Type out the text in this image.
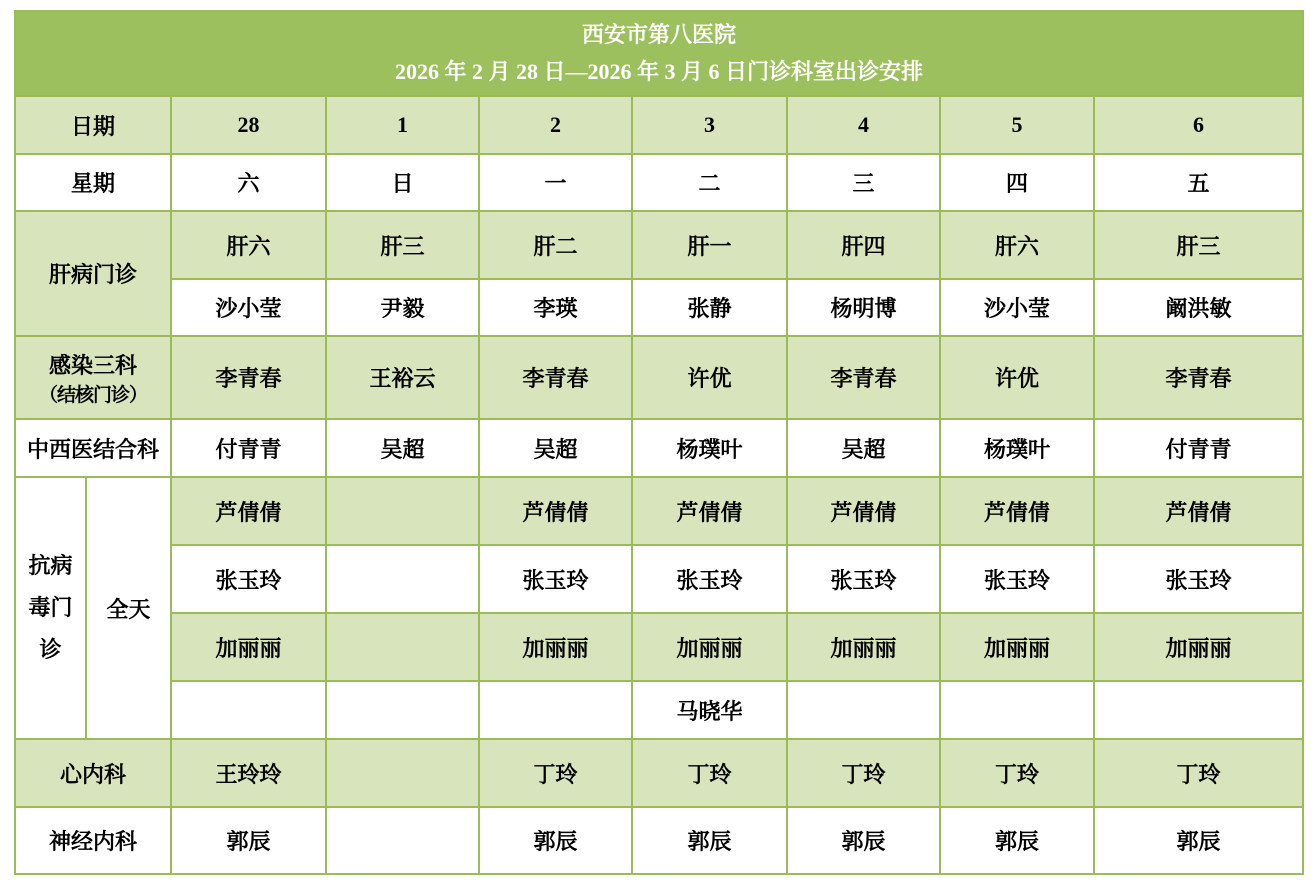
西安市第八医院
2026 年 2 月 28 日—2026 年 3 月 6 日门诊科室出诊安排								

日期		28	1	2	3	4	5	6
星期		六	日	一	二	三	四	五
肝病门诊		肝六	肝三	肝二	肝一	肝四	肝六	肝三
		沙小莹	尹毅	李瑛	张静	杨明博	沙小莹	阚洪敏

感染三科
（结核门诊）		李青春	王裕云	李青春	许优	李青春	许优	李青春
中西医结合科		付青青	吴超	吴超	杨璞叶	吴超	杨璞叶	付青青

抗病毒门诊	全天	芦倩倩		芦倩倩	芦倩倩	芦倩倩	芦倩倩	芦倩倩
		张玉玲		张玉玲	张玉玲	张玉玲	张玉玲	张玉玲
		加丽丽		加丽丽	加丽丽	加丽丽	加丽丽	加丽丽
					马晓华			
心内科		王玲玲		丁玲	丁玲	丁玲	丁玲	丁玲
神经内科		郭辰		郭辰	郭辰	郭辰	郭辰	郭辰
